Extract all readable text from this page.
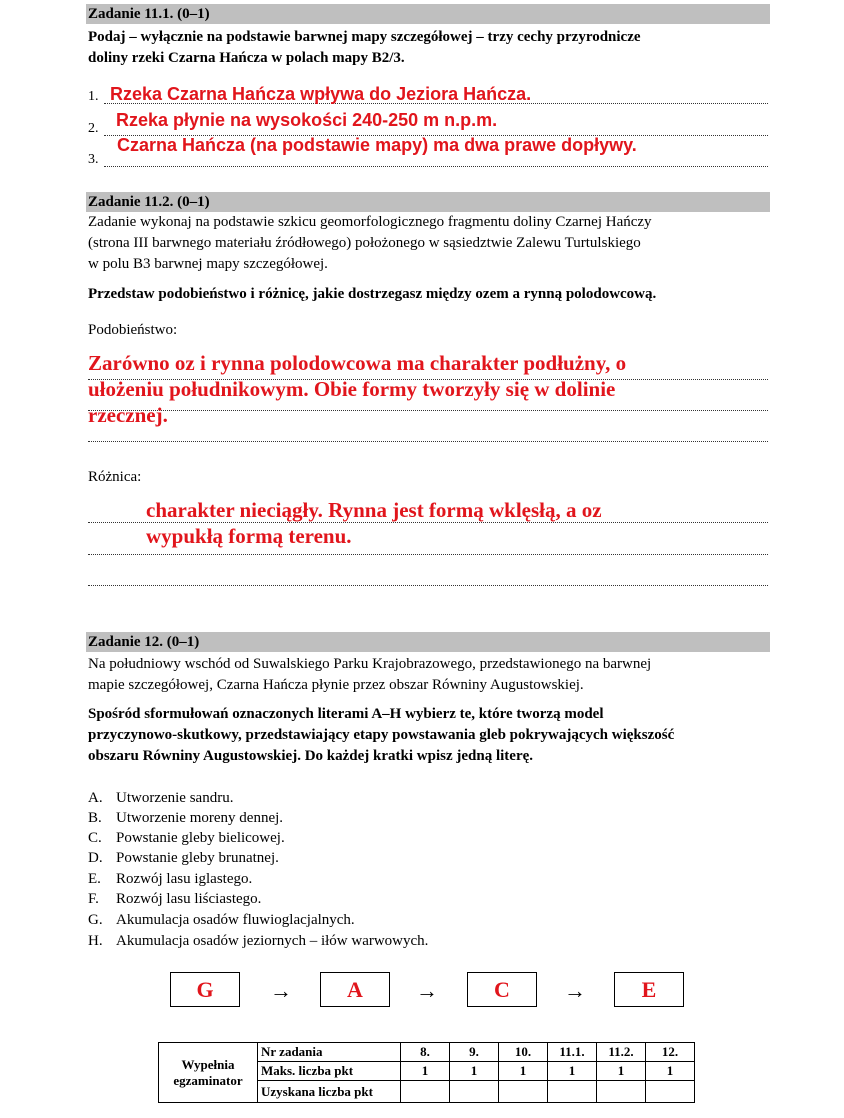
Zadanie 11.1. (0–1)
Podaj – wyłącznie na podstawie barwnej mapy szczegółowej – trzy cechy przyrodnicze
doliny rzeki Czarna Hańcza w polach mapy B2/3.
1.
2.
3.
Rzeka Czarna Hańcza wpływa do Jeziora Hańcza.
Rzeka płynie na wysokości 240-250 m n.p.m.
Czarna Hańcza (na podstawie mapy) ma dwa prawe dopływy.
Zadanie 11.2. (0–1)
Zadanie wykonaj na podstawie szkicu geomorfologicznego fragmentu doliny Czarnej Hańczy
(strona III barwnego materiału źródłowego) położonego w sąsiedztwie Zalewu Turtulskiego
w polu B3 barwnej mapy szczegółowej.
Przedstaw podobieństwo i różnicę, jakie dostrzegasz między ozem a rynną polodowcową.
Podobieństwo:
Zarówno oz i rynna polodowcowa ma charakter podłużny, o
ułożeniu południkowym. Obie formy tworzyły się w dolinie
rzecznej.
Różnica:
charakter nieciągły. Rynna jest formą wklęsłą, a oz
wypukłą formą terenu.
Zadanie 12. (0–1)
Na południowy wschód od Suwalskiego Parku Krajobrazowego, przedstawionego na barwnej
mapie szczegółowej, Czarna Hańcza płynie przez obszar Równiny Augustowskiej.
Spośród sformułowań oznaczonych literami A–H wybierz te, które tworzą model
przyczynowo-skutkowy, przedstawiający etapy powstawania gleb pokrywających większość
obszaru Równiny Augustowskiej. Do każdej kratki wpisz jedną literę.
A. Utworzenie sandru.
B. Utworzenie moreny dennej.
C. Powstanie gleby bielicowej.
D. Powstanie gleby brunatnej.
E. Rozwój lasu iglastego.
F. Rozwój lasu liściastego.
G. Akumulacja osadów fluwioglacjalnych.
H. Akumulacja osadów jeziornych – iłów warwowych.
G	→	A	→	C	→	E
Wypełnia
egzaminator	Nr zadania	8.	9.	10.	11.1.	11.2.	12.
	Maks. liczba pkt	1	1	1	1	1	1
	Uzyskana liczba pkt						
